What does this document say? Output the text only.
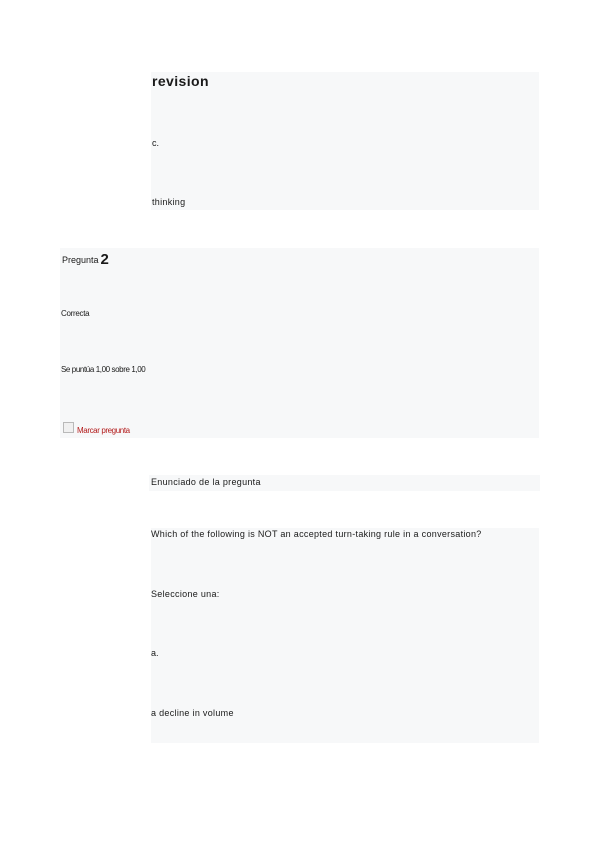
revision
c.
thinking
Pregunta 2
Correcta
Se puntúa 1,00 sobre 1,00
Marcar pregunta
Enunciado de la pregunta
Which of the following is NOT an accepted turn-taking rule in a conversation?
Seleccione una:
a.
a decline in volume
